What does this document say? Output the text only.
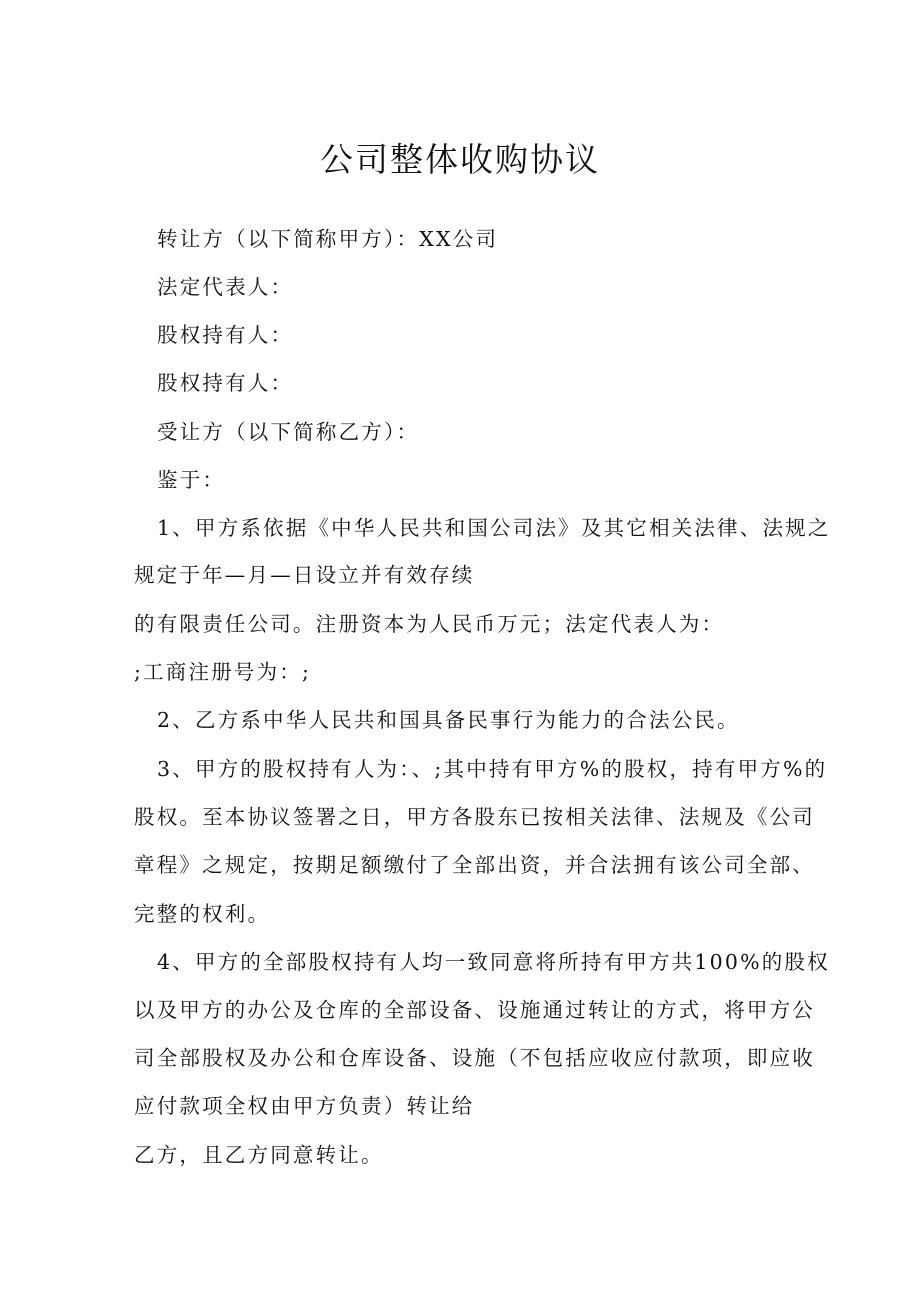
公司整体收购协议
转让方（以下简称甲方）：XX公司
法定代表人：
股权持有人：
股权持有人：
受让方（以下简称乙方）：
鉴于：
1、甲方系依据《中华人民共和国公司法》及其它相关法律、法规之
规定于年—月—日设立并有效存续
的有限责任公司。注册资本为人民币万元；法定代表人为：
;工商注册号为：;
2、乙方系中华人民共和国具备民事行为能力的合法公民。
3、甲方的股权持有人为：、;其中持有甲方%的股权，持有甲方%的
股权。至本协议签署之日，甲方各股东已按相关法律、法规及《公司
章程》之规定，按期足额缴付了全部出资，并合法拥有该公司全部、
完整的权利。
4、甲方的全部股权持有人均一致同意将所持有甲方共100%的股权
以及甲方的办公及仓库的全部设备、设施通过转让的方式，将甲方公
司全部股权及办公和仓库设备、设施（不包括应收应付款项，即应收
应付款项全权由甲方负责）转让给
乙方，且乙方同意转让。
